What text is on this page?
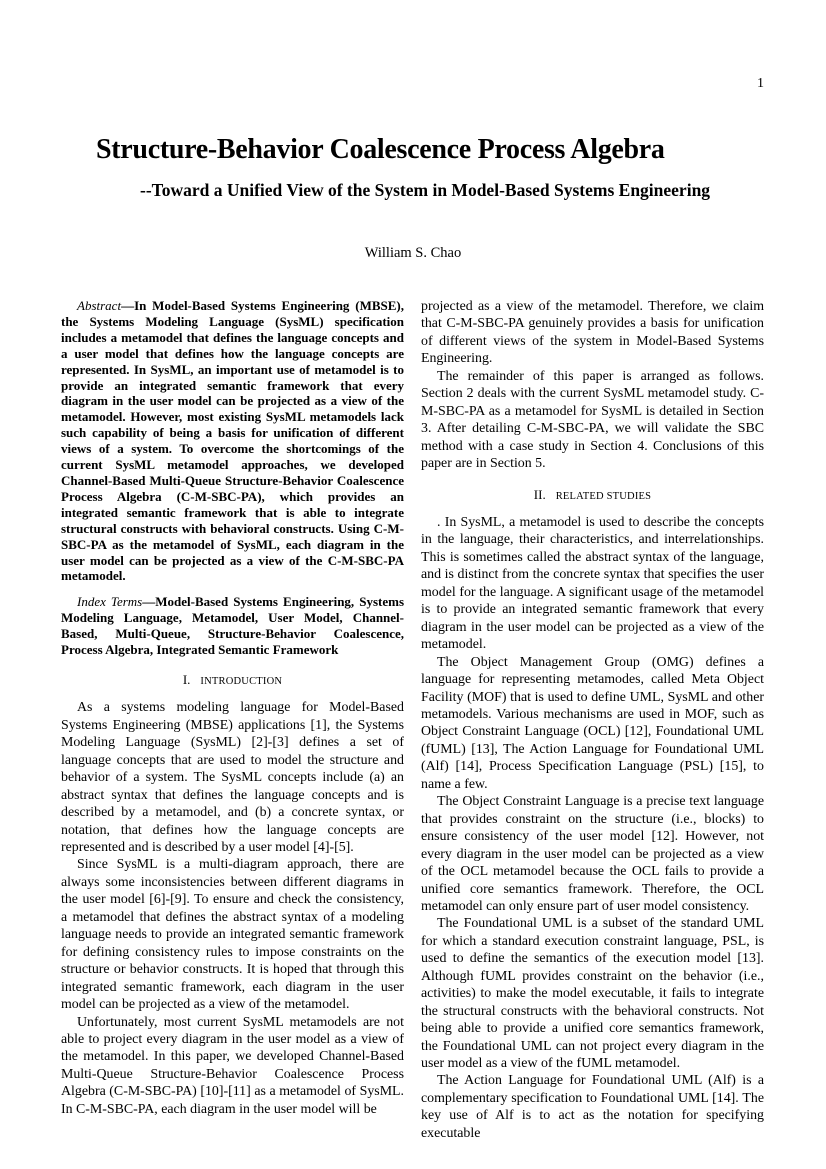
1
Structure-Behavior Coalescence Process Algebra
--Toward a Unified View of the System in Model-Based Systems Engineering
William S. Chao

Abstract—In Model-Based Systems Engineering (MBSE), the Systems Modeling Language (SysML) specification includes a metamodel that defines the language concepts and a user model that defines how the language concepts are represented. In SysML, an important use of metamodel is to provide an integrated semantic framework that every diagram in the user model can be projected as a view of the metamodel. However, most existing SysML metamodels lack such capability of being a basis for unification of different views of a system. To overcome the shortcomings of the current SysML metamodel approaches, we developed Channel-Based Multi-Queue Structure-Behavior Coalescence Process Algebra (C-M-SBC-PA), which provides an integrated semantic framework that is able to integrate structural constructs with behavioral constructs. Using C-M-SBC-PA as the metamodel of SysML, each diagram in the user model can be projected as a view of the C-M-SBC-PA metamodel.

Index Terms—Model-Based Systems Engineering, Systems Modeling Language, Metamodel, User Model, Channel-Based, Multi-Queue, Structure-Behavior Coalescence, Process Algebra, Integrated Semantic Framework

I. INTRODUCTION

As a systems modeling language for Model-Based Systems Engineering (MBSE) applications [1], the Systems Modeling Language (SysML) [2]-[3] defines a set of language concepts that are used to model the structure and behavior of a system. The SysML concepts include (a) an abstract syntax that defines the language concepts and is described by a metamodel, and (b) a concrete syntax, or notation, that defines how the language concepts are represented and is described by a user model [4]-[5].

Since SysML is a multi-diagram approach, there are always some inconsistencies between different diagrams in the user model [6]-[9]. To ensure and check the consistency, a metamodel that defines the abstract syntax of a modeling language needs to provide an integrated semantic framework for defining consistency rules to impose constraints on the structure or behavior constructs. It is hoped that through this integrated semantic framework, each diagram in the user model can be projected as a view of the metamodel.

Unfortunately, most current SysML metamodels are not able to project every diagram in the user model as a view of the metamodel. In this paper, we developed Channel-Based Multi-Queue Structure-Behavior Coalescence Process Algebra (C-M-SBC-PA) [10]-[11] as a metamodel of SysML. In C-M-SBC-PA, each diagram in the user model will be

projected as a view of the metamodel. Therefore, we claim that C-M-SBC-PA genuinely provides a basis for unification of different views of the system in Model-Based Systems Engineering.

The remainder of this paper is arranged as follows. Section 2 deals with the current SysML metamodel study. C-M-SBC-PA as a metamodel for SysML is detailed in Section 3. After detailing C-M-SBC-PA, we will validate the SBC method with a case study in Section 4. Conclusions of this paper are in Section 5.

II. RELATED STUDIES

. In SysML, a metamodel is used to describe the concepts in the language, their characteristics, and interrelationships. This is sometimes called the abstract syntax of the language, and is distinct from the concrete syntax that specifies the user model for the language. A significant usage of the metamodel is to provide an integrated semantic framework that every diagram in the user model can be projected as a view of the metamodel.

The Object Management Group (OMG) defines a language for representing metamodes, called Meta Object Facility (MOF) that is used to define UML, SysML and other metamodels. Various mechanisms are used in MOF, such as Object Constraint Language (OCL) [12], Foundational UML (fUML) [13], The Action Language for Foundational UML (Alf) [14], Process Specification Language (PSL) [15], to name a few.

The Object Constraint Language is a precise text language that provides constraint on the structure (i.e., blocks) to ensure consistency of the user model [12]. However, not every diagram in the user model can be projected as a view of the OCL metamodel because the OCL fails to provide a unified core semantics framework. Therefore, the OCL metamodel can only ensure part of user model consistency.

The Foundational UML is a subset of the standard UML for which a standard execution constraint language, PSL, is used to define the semantics of the execution model [13]. Although fUML provides constraint on the behavior (i.e., activities) to make the model executable, it fails to integrate the structural constructs with the behavioral constructs. Not being able to provide a unified core semantics framework, the Foundational UML can not project every diagram in the user model as a view of the fUML metamodel.

The Action Language for Foundational UML (Alf) is a complementary specification to Foundational UML [14]. The key use of Alf is to act as the notation for specifying executable
